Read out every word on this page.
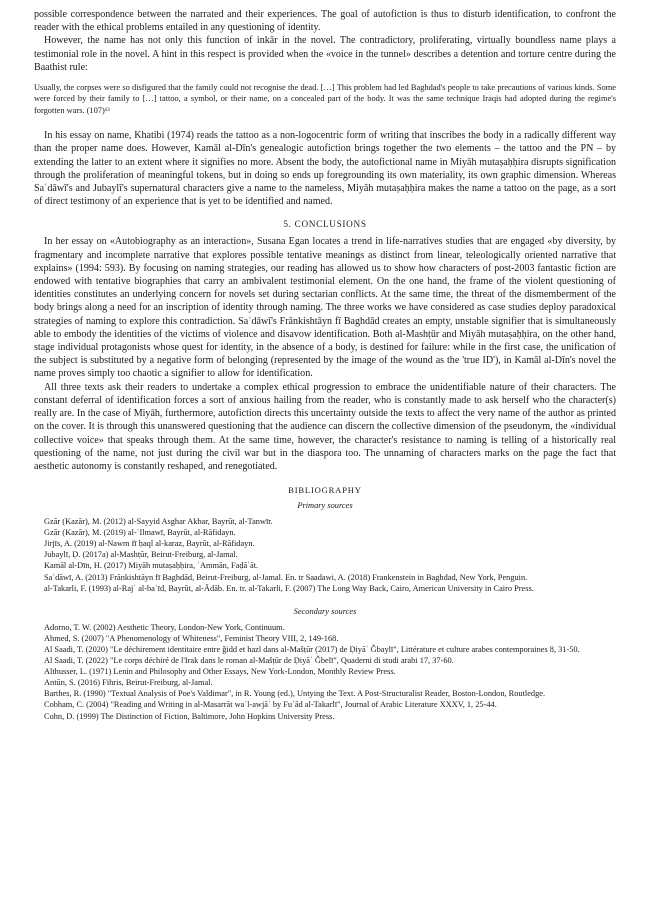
possible correspondence between the narrated and their experiences. The goal of autofiction is thus to disturb identification, to confront the reader with the ethical problems entailed in any questioning of identity.

However, the name has not only this function of inkār in the novel. The contradictory, proliferating, virtually boundless name plays a testimonial role in the novel. A hint in this respect is provided when the «voice in the tunnel» describes a detention and torture centre during the Baathist rule:

Usually, the corpses were so disfigured that the family could not recognise the dead. […] This problem had led Baghdad's people to take precautions of various kinds. Some were forced by their family to […] tattoo, a symbol, or their name, on a concealed part of the body. It was the same technique Iraqis had adopted during the regime's forgotten wars. (107)¹³

In his essay on name, Khatibi (1974) reads the tattoo as a non-logocentric form of writing that inscribes the body in a radically different way than the proper name does. However, Kamāl al-Dīn's genealogic autofiction brings together the two elements – the tattoo and the PN – by extending the latter to an extent where it signifies no more. Absent the body, the autofictional name in Miyāh mutaṣaḥḥira disrupts signification through the proliferation of meaningful tokens, but in doing so ends up foregrounding its own materiality, its own graphic dimension. Whereas Saʿdāwī's and Jubaylī's supernatural characters give a name to the nameless, Miyāh mutaṣaḥḥira makes the name a tattoo on the page, as a sort of direct testimony of an experience that is yet to be identified and named.

5. CONCLUSIONS

In her essay on «Autobiography as an interaction», Susana Egan locates a trend in life-narratives studies that are engaged «by diversity, by fragmentary and incomplete narrative that explores possible tentative meanings as distinct from linear, teleologically oriented narrative that explains» (1994: 593). By focusing on naming strategies, our reading has allowed us to show how characters of post-2003 fantastic fiction are endowed with tentative biographies that carry an ambivalent testimonial element. On the one hand, the frame of the violent questioning of identities constitutes an underlying concern for novels set during sectarian conflicts. At the same time, the threat of the dismemberment of the body brings along a need for an inscription of identity through naming. The three works we have considered as case studies deploy paradoxical strategies of naming to explore this contradiction. Saʿdāwī's Frānkishtāyn fī Baghdād creates an empty, unstable signifier that is simultaneously able to embody the identities of the victims of violence and disavow identification. Both al-Mashṭūr and Miyāh mutaṣaḥḥira, on the other hand, stage individual protagonists whose quest for identity, in the absence of a body, is destined for failure: while in the first case, the unification of the subject is substituted by a negative form of belonging (represented by the image of the wound as the 'true ID'), in Kamāl al-Dīn's novel the name proves simply too chaotic a signifier to allow for identification.

All three texts ask their readers to undertake a complex ethical progression to embrace the unidentifiable nature of their characters. The constant deferral of identification forces a sort of anxious hailing from the reader, who is constantly made to ask herself who the character(s) really are. In the case of Miyāh, furthermore, autofiction directs this uncertainty outside the texts to affect the very name of the author as printed on the cover. It is through this unanswered questioning that the audience can discern the collective dimension of the pseudonym, the «individual collective voice» that speaks through them. At the same time, however, the character's resistance to naming is telling of a historically real questioning of the name, not just during the civil war but in the diaspora too. The unnaming of characters marks on the page the fact that aesthetic autonomy is constantly reshaped, and renegotiated.

BIBLIOGRAPHY
Primary sources

Gzār (Kazār), M. (2012) al-Sayyid Asghar Akbar, Bayrūt, al-Tanwīr.

Gzār (Kazār), M. (2019) al-ʿIlmawī, Bayrūt, al-Rāfidayn.

Jirjīs, A. (2019) al-Nawm fī ḥaql al-karaz, Bayrūt, al-Rāfidayn.

Jubaylī, Ḍ. (2017a) al-Mashṭūr, Beirut-Freiburg, al-Jamal.

Kamāl al-Dīn, H. (2017) Miyāh mutaṣaḥḥira, ʿAmmān, Faḍāʾāt.

Saʿdāwī, A. (2013) Frānkishtāyn fī Baghdād, Beirut-Freiburg, al-Jamal. En. tr Saadawi, A. (2018) Frankenstein in Baghdad, New York, Penguin.

al-Takarli, F. (1993) al-Rajʿ al-baʿīd, Bayrūt, al-Ādāb. En. tr. al-Takarli, F. (2007) The Long Way Back, Cairo, American University in Cairo Press.

Secondary sources

Adorno, T. W. (2002) Aesthetic Theory, London-New York, Continuum.

Ahmed, S. (2007) "A Phenomenology of Whiteness", Feminist Theory VIII, 2, 149-168.

Al Saadi, T. (2020) "Le déchirement identitaire entre ǧidd et hazl dans al-Mašṭūr (2017) de Ḍiyāʾ Ǧbaylī", Littérature et culture arabes contemporaines 8, 31-50.

Al Saadi, T. (2022) "Le corps déchiré de l'Irak dans le roman al-Mašṭūr de Ḍiyāʾ Ǧbelī", Quaderni di studi arabi 17, 37-60.

Althusser, L. (1971) Lenin and Philosophy and Other Essays, New York-London, Monthly Review Press.

Antūn, S. (2016) Fihris, Beirut-Freiburg, al-Jamal.

Barthes, R. (1990) "Textual Analysis of Poe's Valdimar", in R. Young (ed.), Untying the Text. A Post-Structuralist Reader, Boston-London, Routledge.

Cobham, C. (2004) "Reading and Writing in al-Masarrāt waʾl-awjāʿ by Fuʾād al-Takarlī", Journal of Arabic Literature XXXV, 1, 25-44.

Cohn, D. (1999) The Distinction of Fiction, Baltimore, John Hopkins University Press.
